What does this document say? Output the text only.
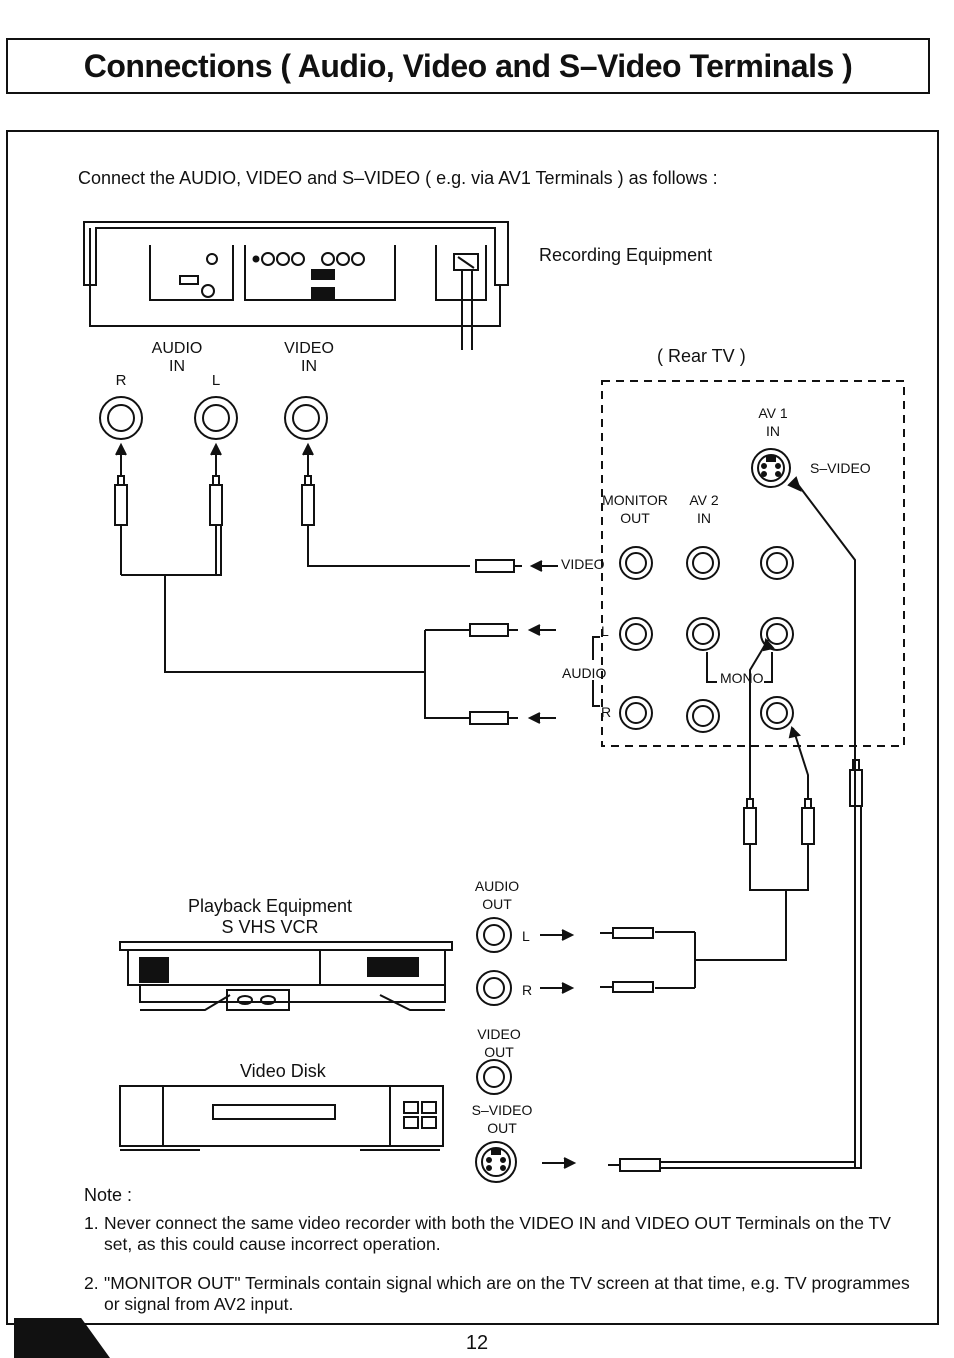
Connections ( Audio, Video and S–Video Terminals )
Connect the AUDIO, VIDEO and S–VIDEO ( e.g. via AV1 Terminals ) as follows :
Recording Equipment
AUDIO
IN
R	L
VIDEO
IN
( Rear TV )
AV 1
IN
S–VIDEO
MONITOR
OUT
AV 2
IN
VIDEO
L
AUDIO
R
MONO
Playback Equipment
S VHS VCR
AUDIO
OUT
L
R
VIDEO
OUT
S–VIDEO
OUT
Video Disk
Note :
1. Never connect the same video recorder with both the VIDEO IN and VIDEO OUT Terminals on the TV set, as this could cause incorrect operation.
2. "MONITOR OUT" Terminals contain signal which are on the TV screen at that time, e.g. TV programmes or signal from AV2 input.
12
